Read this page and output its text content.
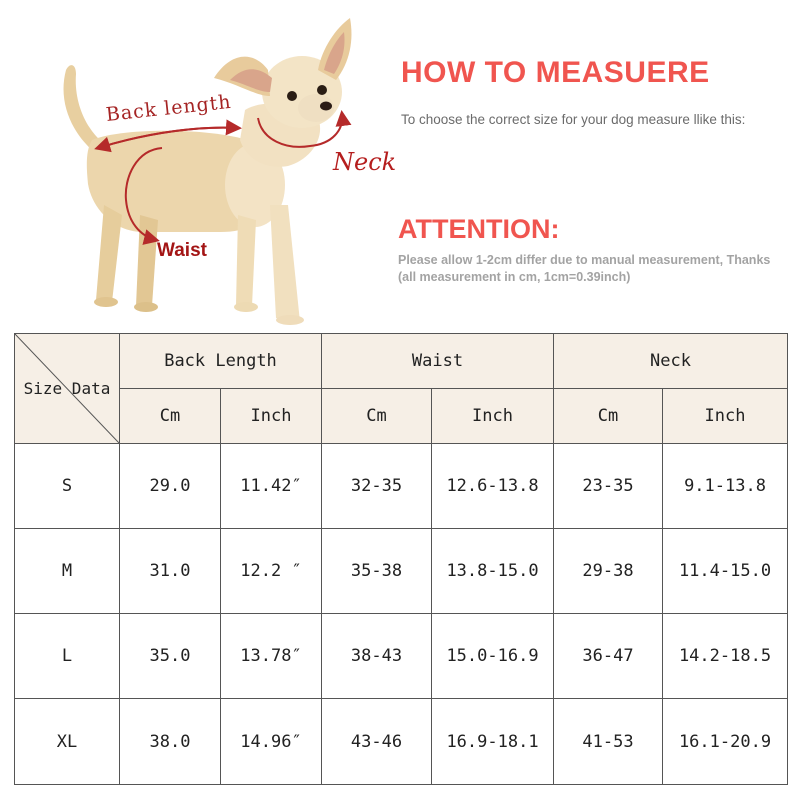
Back length
Neck
Waist
HOW TO MEASUERE
To choose the correct size for your dog measure llike this:
ATTENTION:
Please allow 1-2cm differ due to manual measurement, Thanks (all measurement in cm, 1cm=0.39inch)
Size Data	Back Length		Waist		Neck	
	Cm	Inch	Cm	Inch	Cm	Inch
S	29.0	11.42″	32-35	12.6-13.8	23-35	9.1-13.8
M	31.0	12.2 ″	35-38	13.8-15.0	29-38	11.4-15.0
L	35.0	13.78″	38-43	15.0-16.9	36-47	14.2-18.5
XL	38.0	14.96″	43-46	16.9-18.1	41-53	16.1-20.9
